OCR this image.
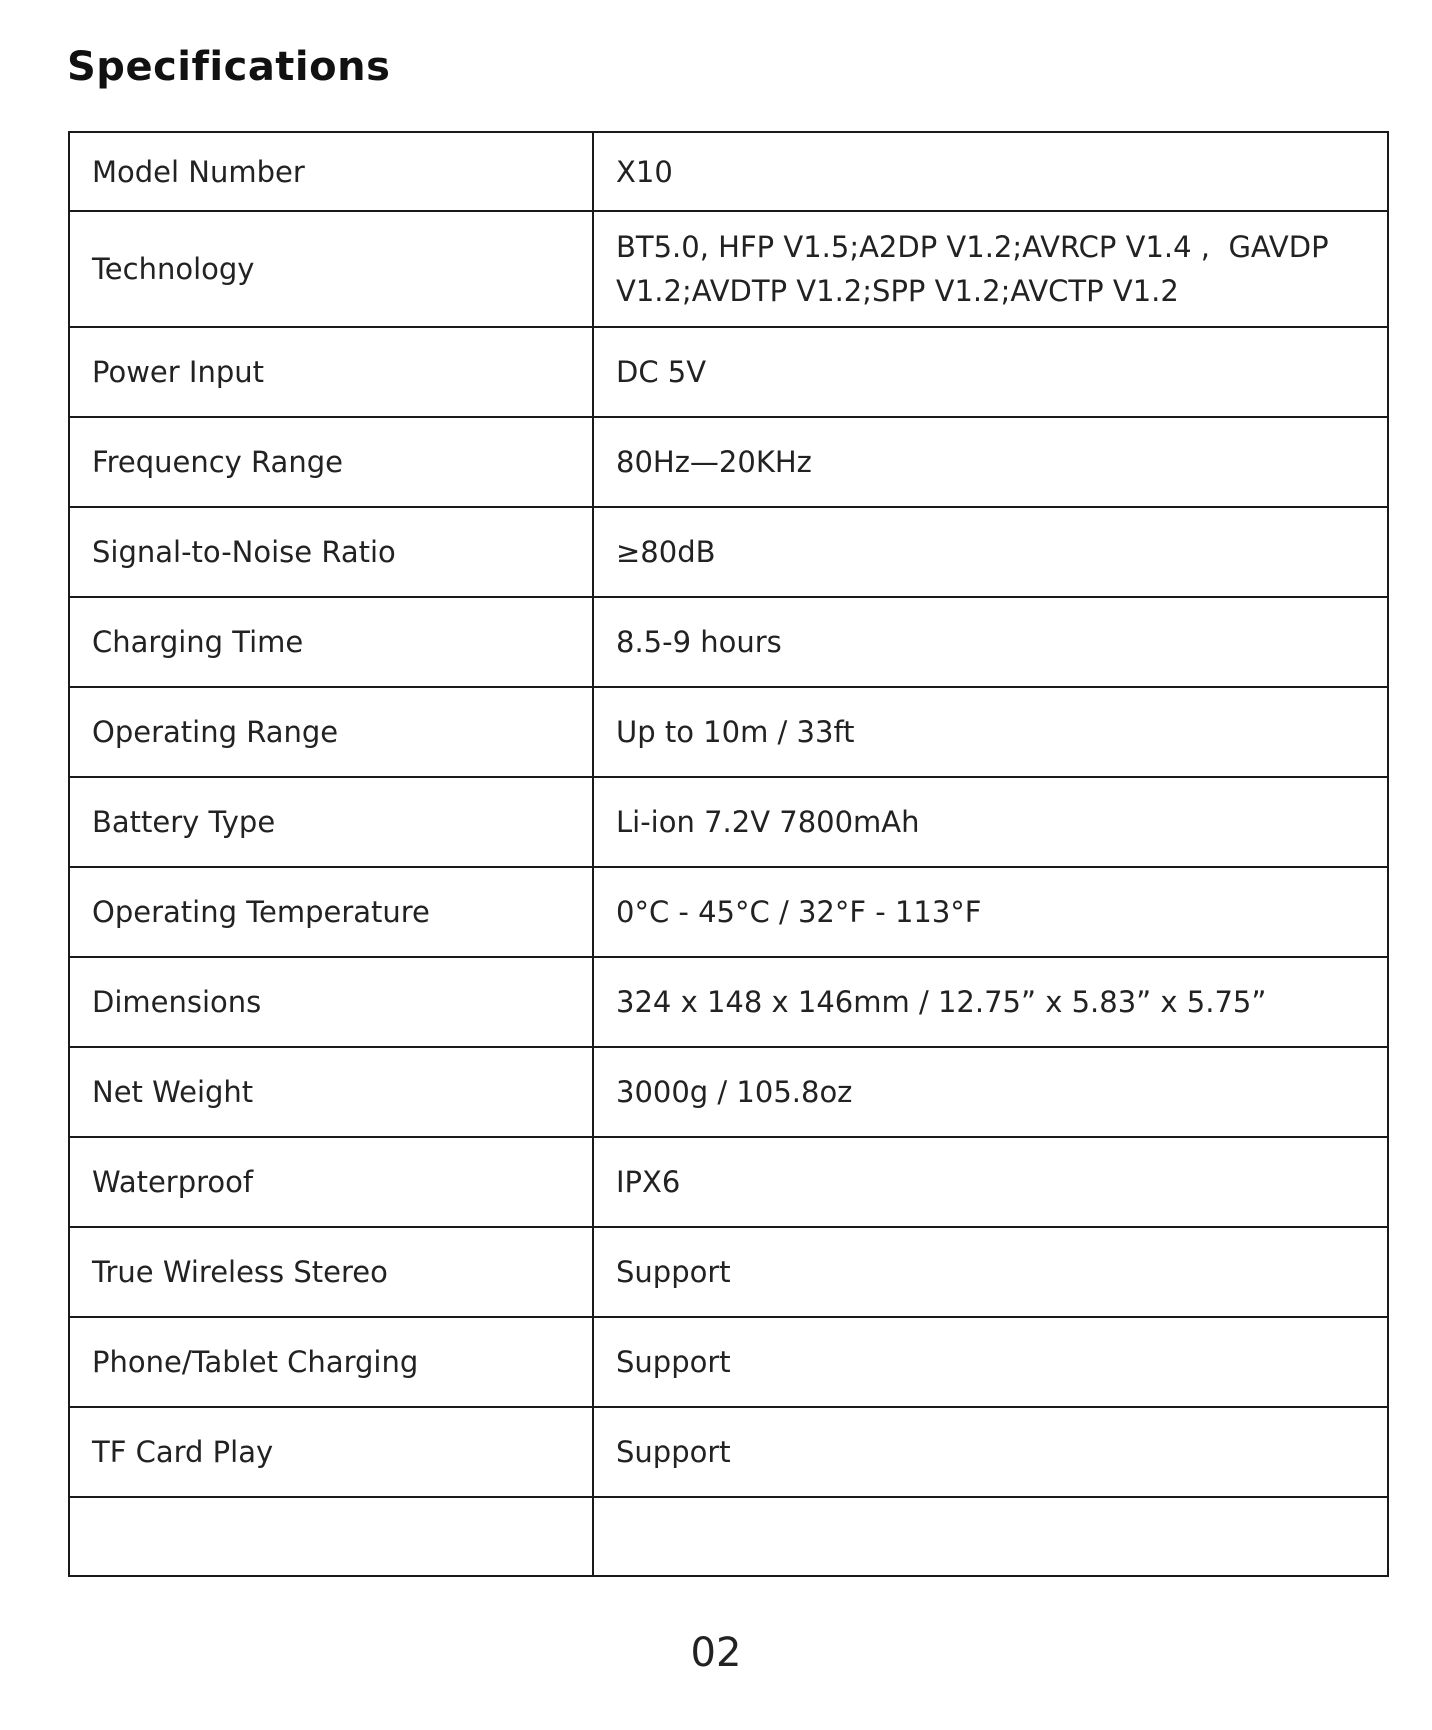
Specifications
Model Number	X10
Technology	BT5.0, HFP V1.5;A2DP V1.2;AVRCP V1.4 ,  GAVDP V1.2;AVDTP V1.2;SPP V1.2;AVCTP V1.2
Power Input	DC 5V
Frequency Range	80Hz—20KHz
Signal-to-Noise Ratio	≥80dB
Charging Time	8.5-9 hours
Operating Range	Up to 10m / 33ft
Battery Type	Li-ion 7.2V 7800mAh
Operating Temperature	0°C - 45°C / 32°F - 113°F
Dimensions	324 x 148 x 146mm / 12.75” x 5.83” x 5.75”
Net Weight	3000g / 105.8oz
Waterproof	IPX6
True Wireless Stereo	Support
Phone/Tablet Charging	Support
TF Card Play	Support

02
